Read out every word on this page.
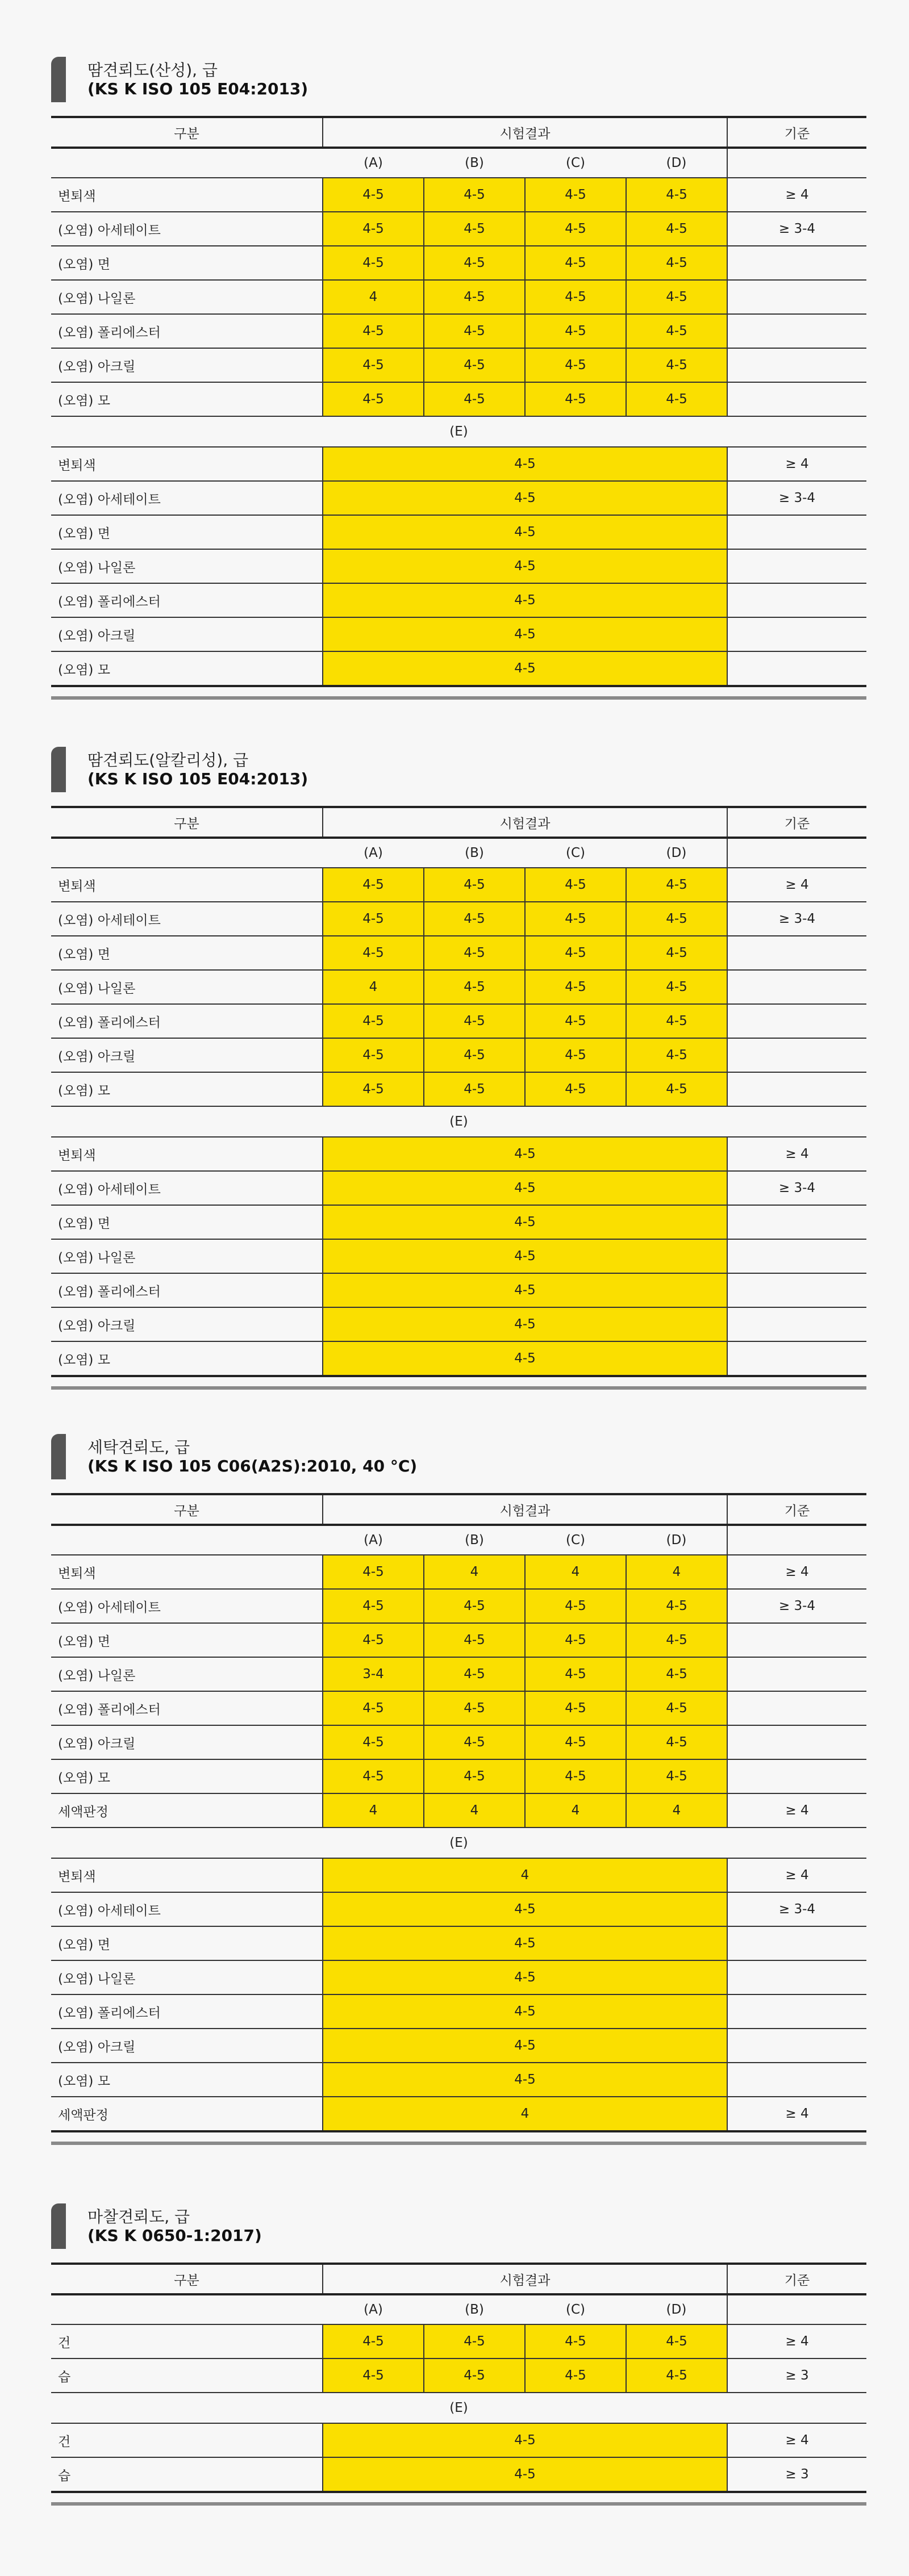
땀견뢰도(산성), 급
(KS K ISO 105 E04:2013)
구분	시험결과				기준
	(A)	(B)	(C)	(D)	
변퇴색	4-5	4-5	4-5	4-5	≥ 4
(오염) 아세테이트	4-5	4-5	4-5	4-5	≥ 3-4
(오염) 면	4-5	4-5	4-5	4-5	
(오염) 나일론	4	4-5	4-5	4-5	
(오염) 폴리에스터	4-5	4-5	4-5	4-5	
(오염) 아크릴	4-5	4-5	4-5	4-5	
(오염) 모	4-5	4-5	4-5	4-5	
(E)					
변퇴색	4-5				≥ 4
(오염) 아세테이트	4-5				≥ 3-4
(오염) 면	4-5				
(오염) 나일론	4-5				
(오염) 폴리에스터	4-5				
(오염) 아크릴	4-5				
(오염) 모	4-5				
땀견뢰도(알칼리성), 급
(KS K ISO 105 E04:2013)
구분	시험결과				기준
	(A)	(B)	(C)	(D)	
변퇴색	4-5	4-5	4-5	4-5	≥ 4
(오염) 아세테이트	4-5	4-5	4-5	4-5	≥ 3-4
(오염) 면	4-5	4-5	4-5	4-5	
(오염) 나일론	4	4-5	4-5	4-5	
(오염) 폴리에스터	4-5	4-5	4-5	4-5	
(오염) 아크릴	4-5	4-5	4-5	4-5	
(오염) 모	4-5	4-5	4-5	4-5	
(E)					
변퇴색	4-5				≥ 4
(오염) 아세테이트	4-5				≥ 3-4
(오염) 면	4-5				
(오염) 나일론	4-5				
(오염) 폴리에스터	4-5				
(오염) 아크릴	4-5				
(오염) 모	4-5				
세탁견뢰도, 급
(KS K ISO 105 C06(A2S):2010, 40 °C)
구분	시험결과				기준
	(A)	(B)	(C)	(D)	
변퇴색	4-5	4	4	4	≥ 4
(오염) 아세테이트	4-5	4-5	4-5	4-5	≥ 3-4
(오염) 면	4-5	4-5	4-5	4-5	
(오염) 나일론	3-4	4-5	4-5	4-5	
(오염) 폴리에스터	4-5	4-5	4-5	4-5	
(오염) 아크릴	4-5	4-5	4-5	4-5	
(오염) 모	4-5	4-5	4-5	4-5	
세액판정	4	4	4	4	≥ 4
(E)					
변퇴색	4				≥ 4
(오염) 아세테이트	4-5				≥ 3-4
(오염) 면	4-5				
(오염) 나일론	4-5				
(오염) 폴리에스터	4-5				
(오염) 아크릴	4-5				
(오염) 모	4-5				
세액판정	4				≥ 4
마찰견뢰도, 급
(KS K 0650-1:2017)
구분	시험결과				기준
	(A)	(B)	(C)	(D)	
건	4-5	4-5	4-5	4-5	≥ 4
습	4-5	4-5	4-5	4-5	≥ 3
(E)					
건	4-5				≥ 4
습	4-5				≥ 3
